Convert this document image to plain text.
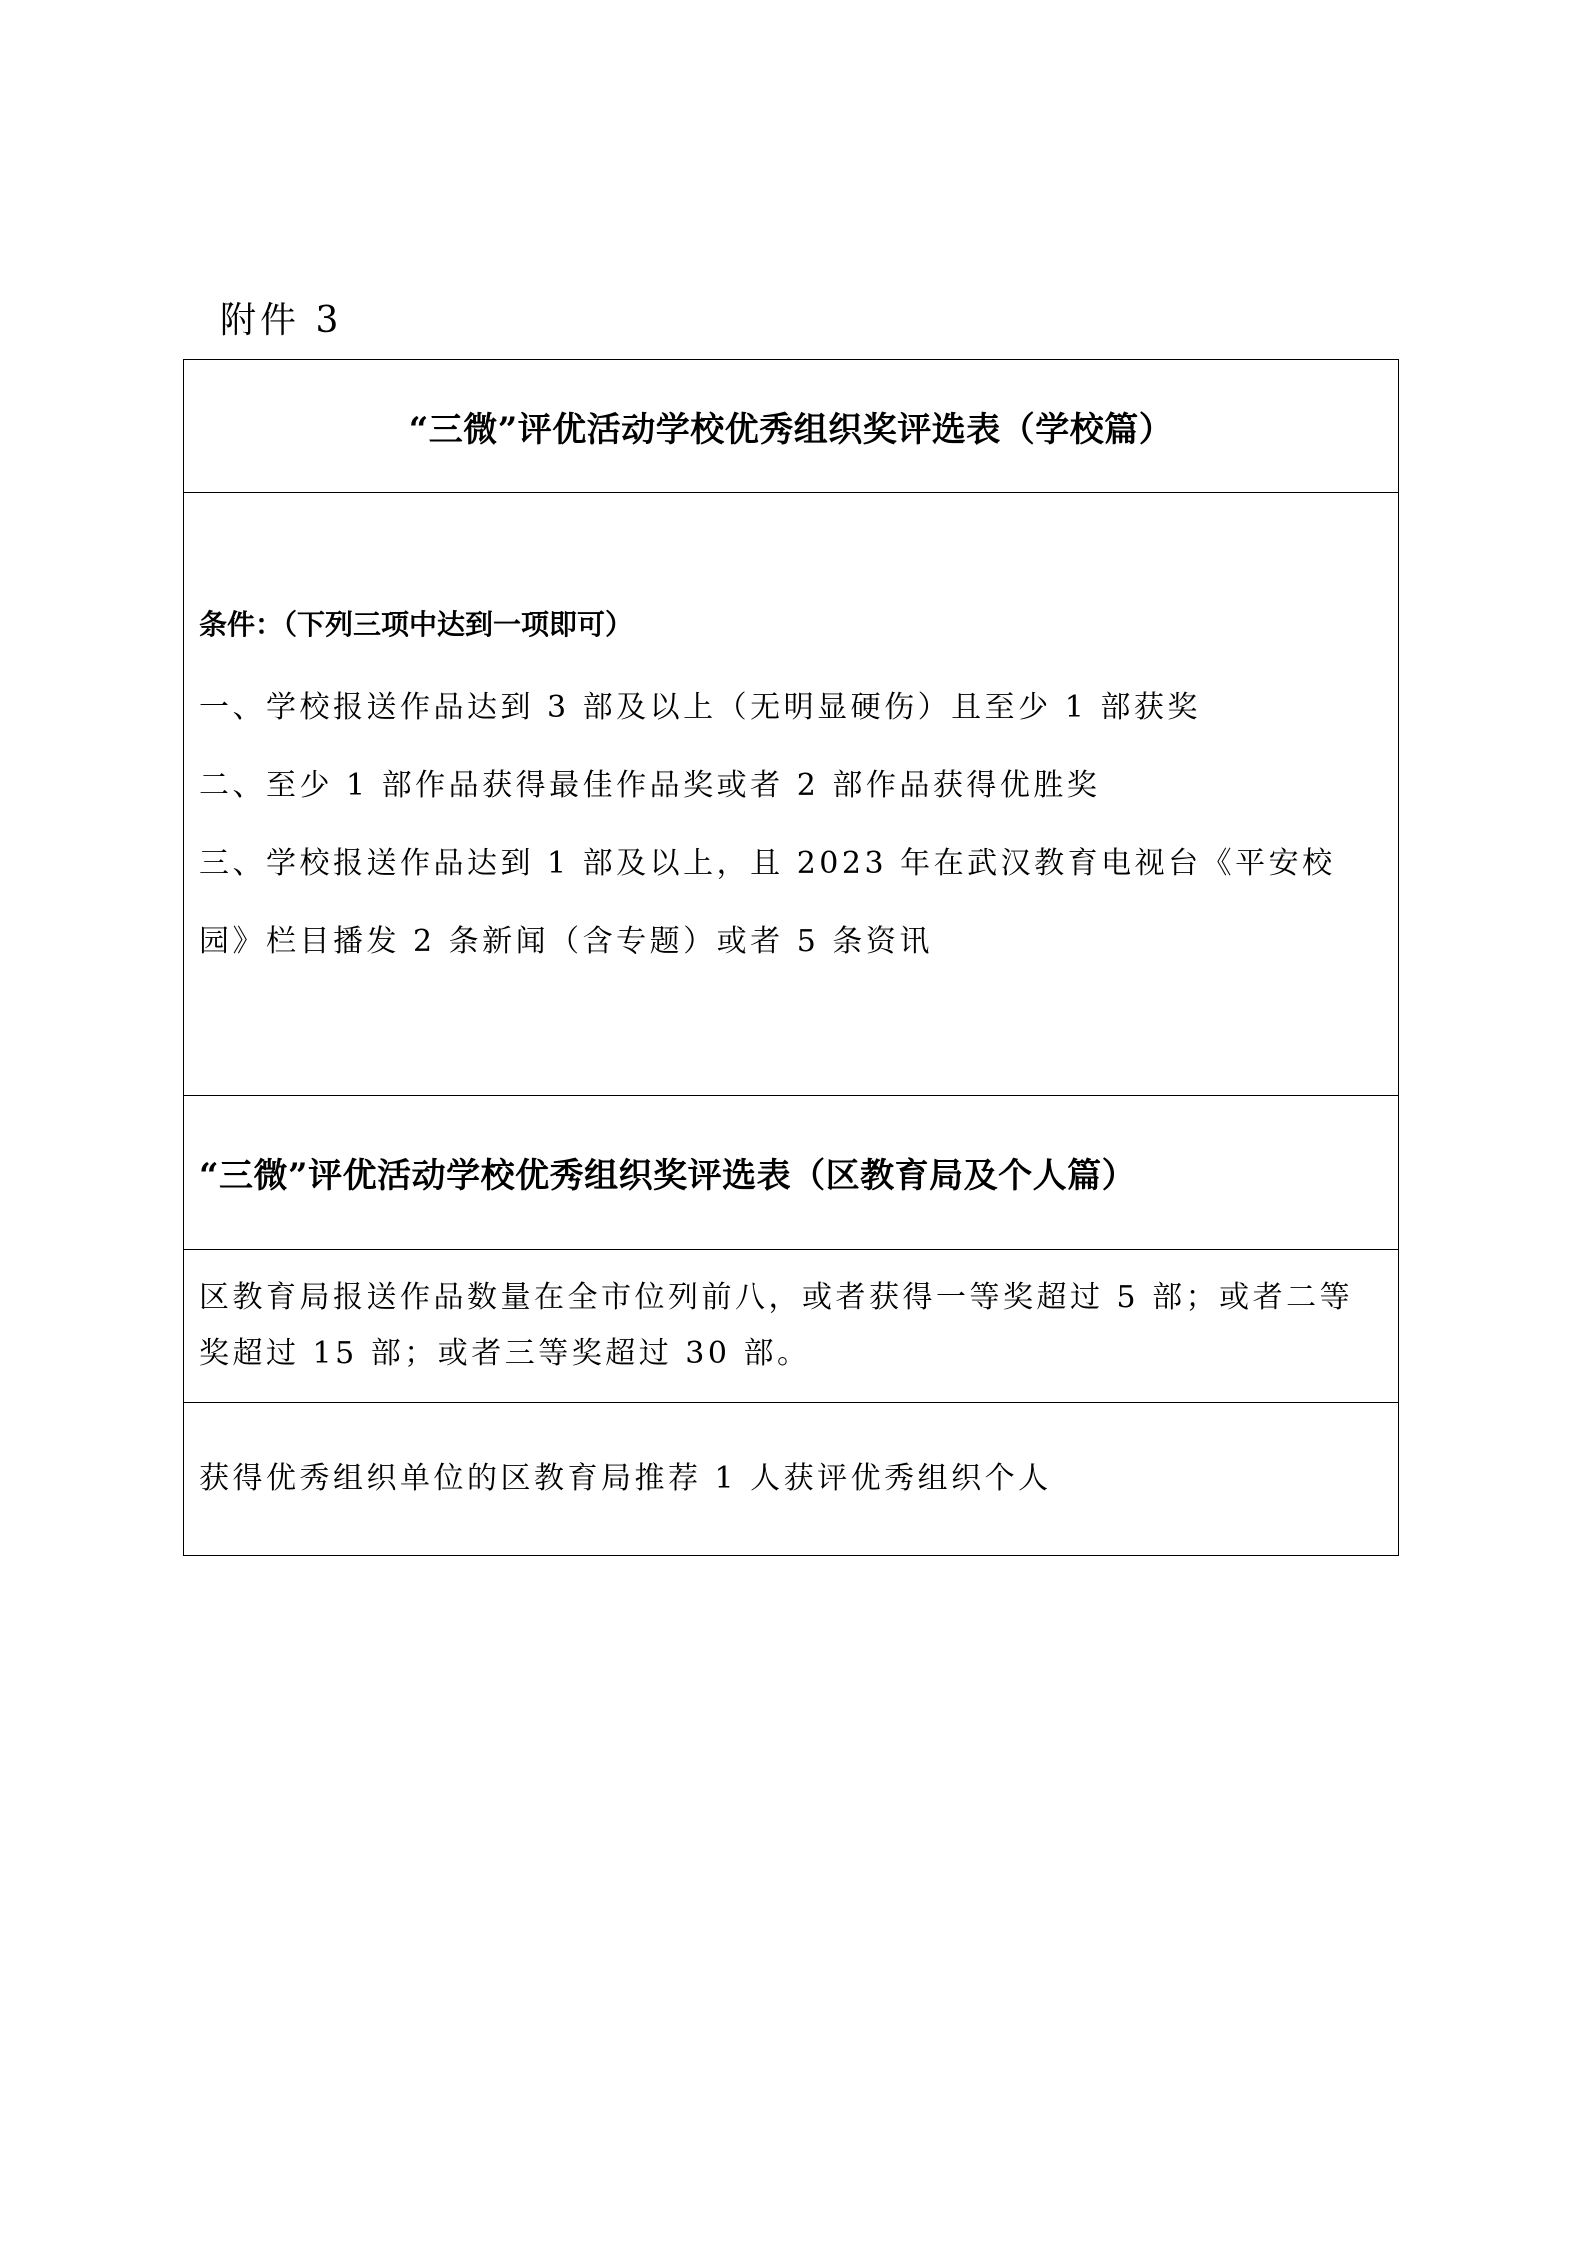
附件 3
“三微”评优活动学校优秀组织奖评选表（学校篇）

条件：（下列三项中达到一项即可）

一、学校报送作品达到 3 部及以上（无明显硬伤）且至少 1 部获奖

二、至少 1 部作品获得最佳作品奖或者 2 部作品获得优胜奖

三、学校报送作品达到 1 部及以上，且 2023 年在武汉教育电视台《平安校园》栏目播发 2 条新闻（含专题）或者 5 条资讯

“三微”评优活动学校优秀组织奖评选表（区教育局及个人篇）
区教育局报送作品数量在全市位列前八，或者获得一等奖超过 5 部；或者二等奖超过 15 部；或者三等奖超过 30 部。
获得优秀组织单位的区教育局推荐 1 人获评优秀组织个人
